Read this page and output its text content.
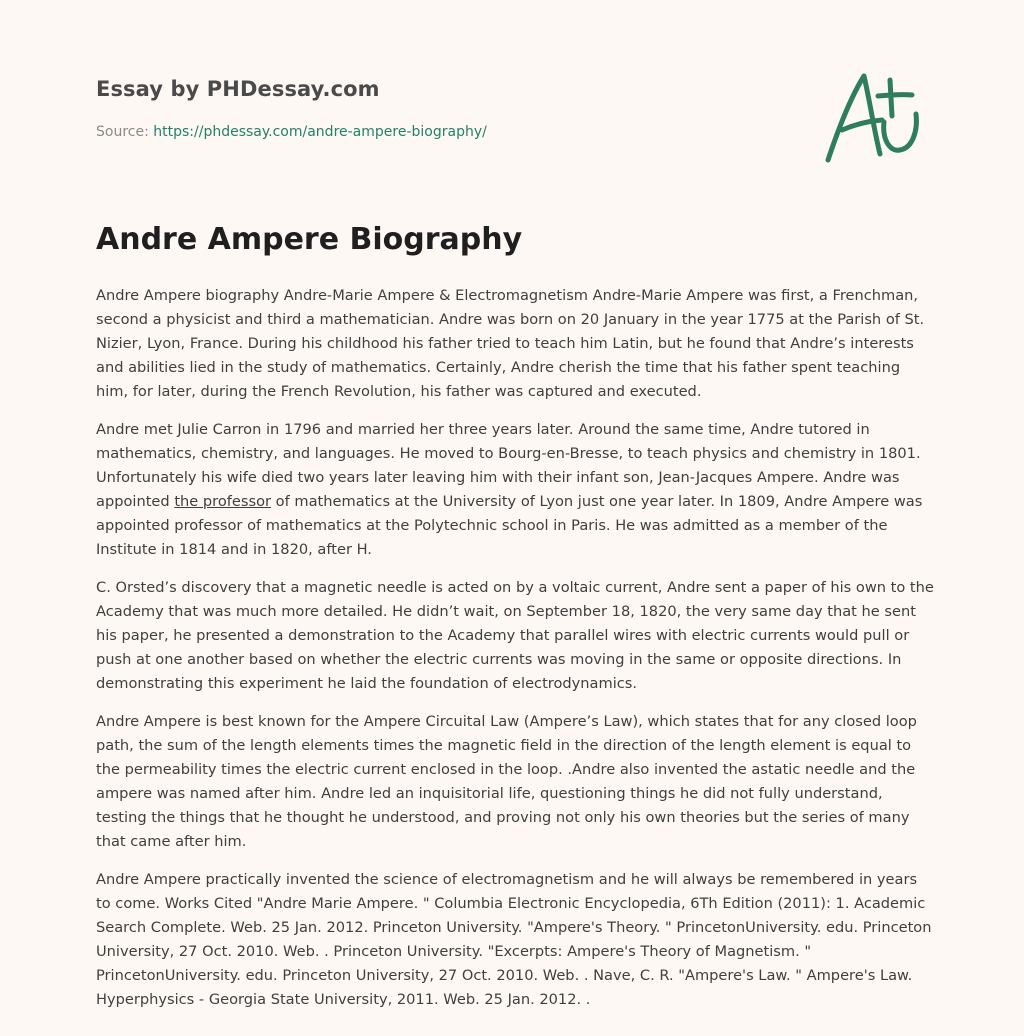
Essay by PHDessay.com
Source: https://phdessay.com/andre-ampere-biography/
Andre Ampere Biography

Andre Ampere biography Andre-Marie Ampere & Electromagnetism Andre-Marie Ampere was first, a Frenchman, second a physicist and third a mathematician. Andre was born on 20 January in the year 1775 at the Parish of St. Nizier, Lyon, France. During his childhood his father tried to teach him Latin, but he found that Andre’s interests and abilities lied in the study of mathematics. Certainly, Andre cherish the time that his father spent teaching him, for later, during the French Revolution, his father was captured and executed.

Andre met Julie Carron in 1796 and married her three years later. Around the same time, Andre tutored in mathematics, chemistry, and languages. He moved to Bourg-en-Bresse, to teach physics and chemistry in 1801. Unfortunately his wife died two years later leaving him with their infant son, Jean-Jacques Ampere. Andre was appointed the professor of mathematics at the University of Lyon just one year later. In 1809, Andre Ampere was appointed professor of mathematics at the Polytechnic school in Paris. He was admitted as a member of the Institute in 1814 and in 1820, after H.

C. Orsted’s discovery that a magnetic needle is acted on by a voltaic current, Andre sent a paper of his own to the Academy that was much more detailed. He didn’t wait, on September 18, 1820, the very same day that he sent his paper, he presented a demonstration to the Academy that parallel wires with electric currents would pull or push at one another based on whether the electric currents was moving in the same or opposite directions. In demonstrating this experiment he laid the foundation of electrodynamics.

Andre Ampere is best known for the Ampere Circuital Law (Ampere’s Law), which states that for any closed loop path, the sum of the length elements times the magnetic field in the direction of the length element is equal to the permeability times the electric current enclosed in the loop. .Andre also invented the astatic needle and the ampere was named after him. Andre led an inquisitorial life, questioning things he did not fully understand, testing the things that he thought he understood, and proving not only his own theories but the series of many that came after him.

Andre Ampere practically invented the science of electromagnetism and he will always be remembered in years to come. Works Cited "Andre Marie Ampere. " Columbia Electronic Encyclopedia, 6Th Edition (2011): 1. Academic Search Complete. Web. 25 Jan. 2012. Princeton University. "Ampere's Theory. " PrincetonUniversity. edu. Princeton University, 27 Oct. 2010. Web. . Princeton University. "Excerpts: Ampere's Theory of Magnetism. " PrincetonUniversity. edu. Princeton University, 27 Oct. 2010. Web. . Nave, C. R. "Ampere's Law. " Ampere's Law. Hyperphysics - Georgia State University, 2011. Web. 25 Jan. 2012. .
